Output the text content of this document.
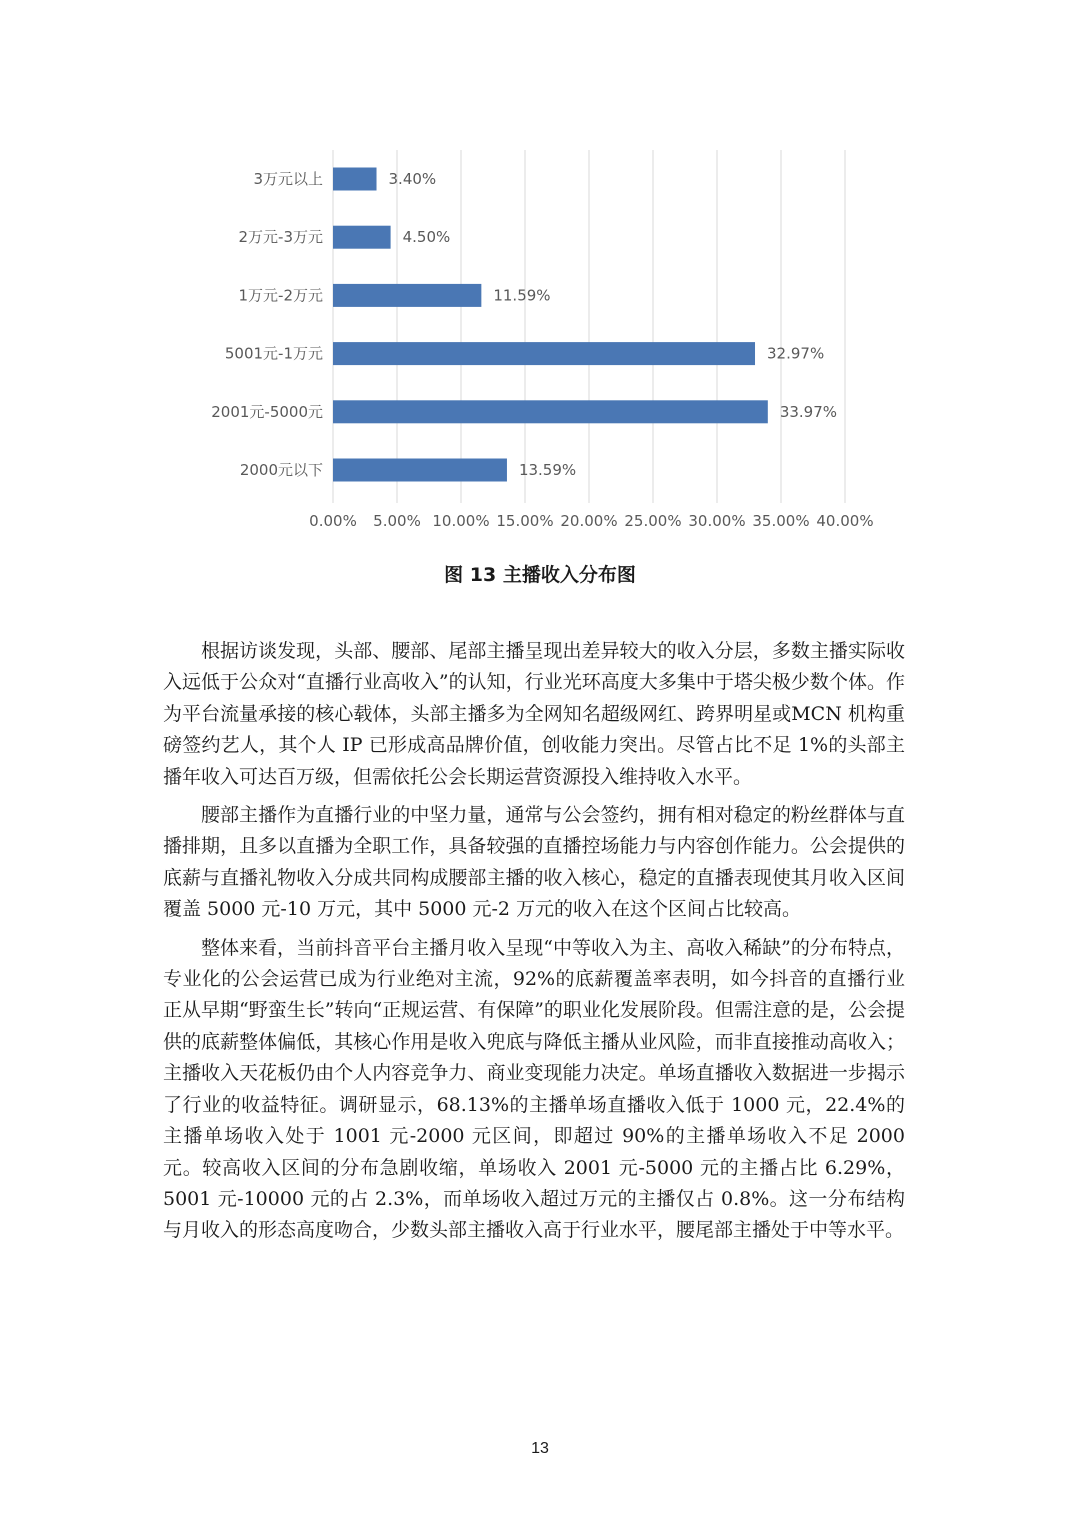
0.00% 5.00% 10.00% 15.00% 20.00% 25.00% 30.00% 35.00% 40.00%
3万元以上	3.40%
2万元-3万元	4.50%
1万元-2万元	11.59%
5001元-1万元	32.97%
2001元-5000元	33.97%
2000元以下	13.59%
图 13 主播收入分布图

根据访谈发现，头部、腰部、尾部主播呈现出差异较大的收入分层，多数主播实际收入远低于公众对“直播行业高收入”的认知，行业光环高度大多集中于塔尖极少数个体。作为平台流量承接的核心载体，头部主播多为全网知名超级网红、跨界明星或MCN 机构重磅签约艺人，其个人 IP 已形成高品牌价值，创收能力突出。尽管占比不足 1%的头部主播年收入可达百万级，但需依托公会长期运营资源投入维持收入水平。

腰部主播作为直播行业的中坚力量，通常与公会签约，拥有相对稳定的粉丝群体与直播排期，且多以直播为全职工作，具备较强的直播控场能力与内容创作能力。公会提供的底薪与直播礼物收入分成共同构成腰部主播的收入核心，稳定的直播表现使其月收入区间覆盖 5000 元-10 万元，其中 5000 元-2 万元的收入在这个区间占比较高。

整体来看，当前抖音平台主播月收入呈现“中等收入为主、高收入稀缺”的分布特点，专业化的公会运营已成为行业绝对主流，92%的底薪覆盖率表明，如今抖音的直播行业正从早期“野蛮生长”转向“正规运营、有保障”的职业化发展阶段。但需注意的是，公会提供的底薪整体偏低，其核心作用是收入兜底与降低主播从业风险，而非直接推动高收入；主播收入天花板仍由个人内容竞争力、商业变现能力决定。单场直播收入数据进一步揭示了行业的收益特征。调研显示，68.13%的主播单场直播收入低于 1000 元，22.4%的主播单场收入处于 1001 元-2000 元区间，即超过 90%的主播单场收入不足 2000 元。较高收入区间的分布急剧收缩，单场收入 2001 元-5000 元的主播占比 6.29%，5001 元-10000 元的占 2.3%，而单场收入超过万元的主播仅占 0.8%。这一分布结构与月收入的形态高度吻合，少数头部主播收入高于行业水平，腰尾部主播处于中等水平。

13
